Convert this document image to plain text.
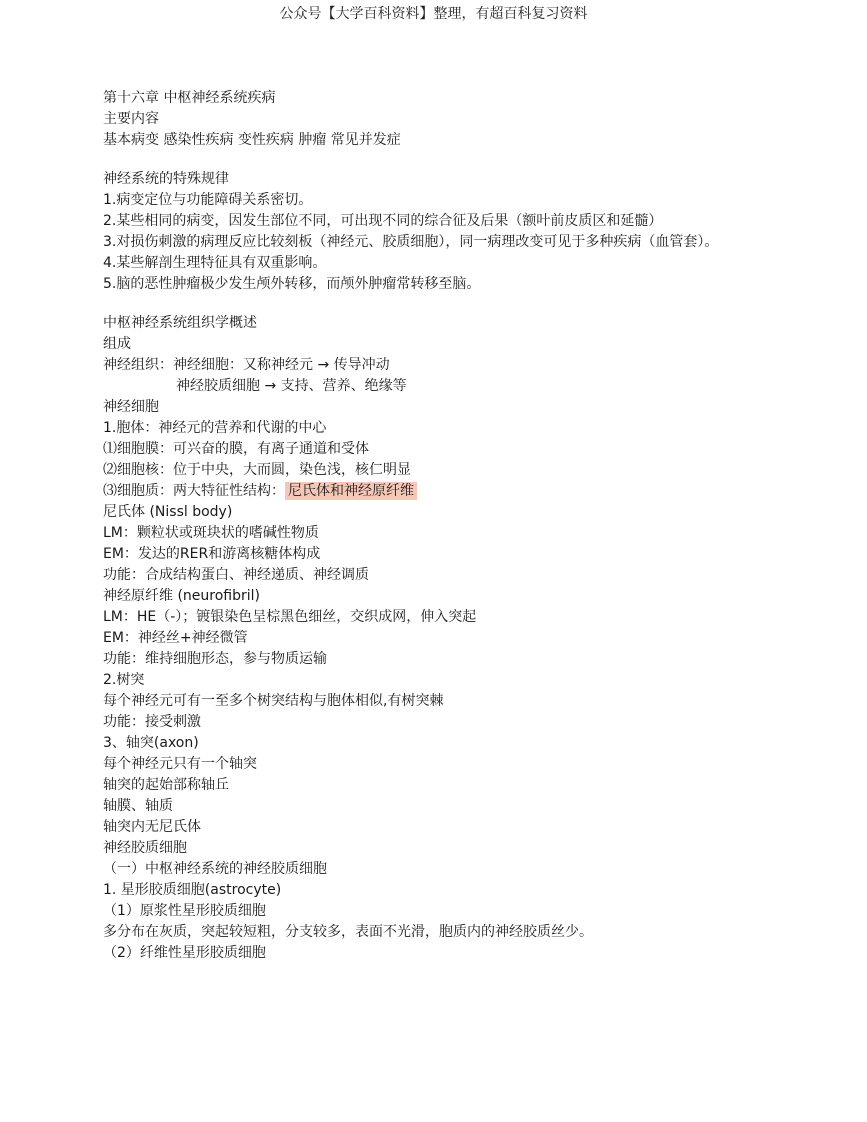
公众号【大学百科资料】整理，有超百科复习资料
第十六章 中枢神经系统疾病
主要内容
基本病变 感染性疾病 变性疾病 肿瘤 常见并发症
神经系统的特殊规律
1.病变定位与功能障碍关系密切。
2.某些相同的病变，因发生部位不同，可出现不同的综合征及后果（额叶前皮质区和延髓）
3.对损伤刺激的病理反应比较刻板（神经元、胶质细胞），同一病理改变可见于多种疾病（血管套）。
4.某些解剖生理特征具有双重影响。
5.脑的恶性肿瘤极少发生颅外转移，而颅外肿瘤常转移至脑。
中枢神经系统组织学概述
组成
神经组织：神经细胞：又称神经元 → 传导冲动
神经胶质细胞 → 支持、营养、绝缘等
神经细胞
1.胞体：神经元的营养和代谢的中心
⑴细胞膜：可兴奋的膜，有离子通道和受体
⑵细胞核：位于中央，大而圆，染色浅，核仁明显
⑶细胞质：两大特征性结构： 尼氏体和神经原纤维
尼氏体 (Nissl body)
LM：颗粒状或斑块状的嗜碱性物质
EM：发达的RER和游离核糖体构成
功能：合成结构蛋白、神经递质、神经调质
神经原纤维 (neurofibril)
LM：HE（-）；镀银染色呈棕黑色细丝，交织成网，伸入突起
EM：神经丝+神经微管
功能：维持细胞形态，参与物质运输
2.树突
每个神经元可有一至多个树突结构与胞体相似,有树突棘
功能：接受刺激
3、轴突(axon)
每个神经元只有一个轴突
轴突的起始部称轴丘
轴膜、轴质
轴突内无尼氏体
神经胶质细胞
（一）中枢神经系统的神经胶质细胞
1. 星形胶质细胞(astrocyte)
（1）原浆性星形胶质细胞
多分布在灰质，突起较短粗，分支较多，表面不光滑，胞质内的神经胶质丝少。
（2）纤维性星形胶质细胞
